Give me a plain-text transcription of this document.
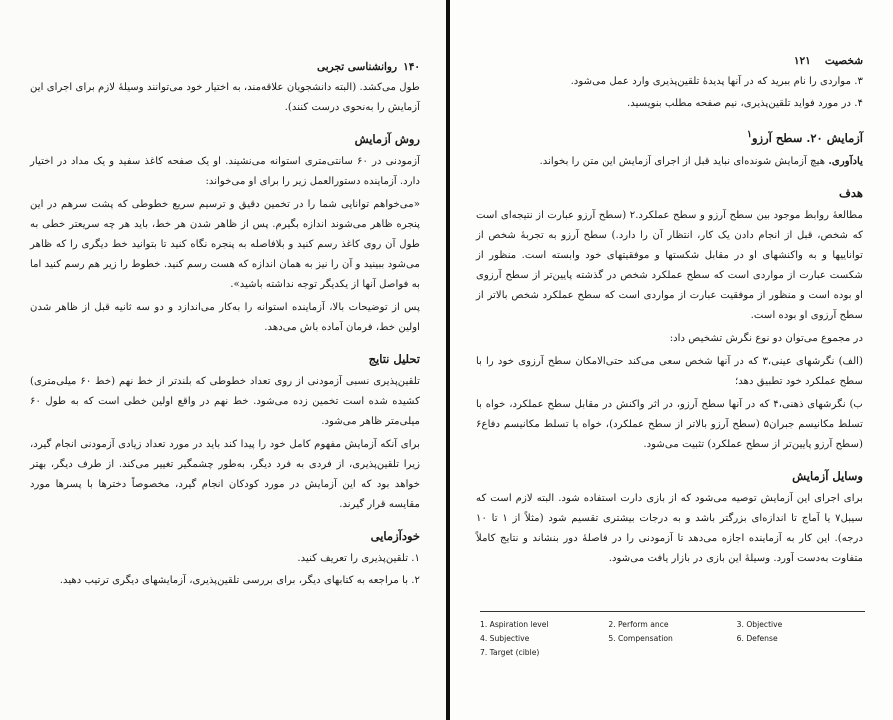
۱۴۰
روانشناسی تجربی

طول می‌کشد. (البته دانشجویان علاقه‌مند، به اختیار خود می‌توانند وسیلهٔ لازم برای اجرای این آزمایش را به‌نحوی درست کنند).

روش آزمایش

آزمودنی در ۶۰ سانتی‌متری استوانه می‌نشیند. او یک صفحه کاغذ سفید و یک مداد در اختیار دارد. آزماینده دستورالعمل زیر را برای او می‌خواند:

«می‌خواهم توانایی شما را در تخمین دقیق و ترسیم سریع خطوطی که پشت سرهم در این پنجره ظاهر می‌شوند اندازه بگیرم. پس از ظاهر شدن هر خط، باید هر چه سریعتر خطی به طول آن روی کاغذ رسم کنید و بلافاصله به پنجره نگاه کنید تا بتوانید خط دیگری را که ظاهر می‌شود ببینید و آن را نیز به همان اندازه که هست رسم کنید. خطوط را زیر هم رسم کنید اما به فواصل آنها از یکدیگر توجه نداشته باشید».

پس از توضیحات بالا، آزماینده استوانه را به‌کار می‌اندازد و دو سه ثانیه قبل از ظاهر شدن اولین خط، فرمان آماده باش می‌دهد.

تحلیل نتایج

تلقین‌پذیری نسبی آزمودنی از روی تعداد خطوطی که بلندتر از خط نهم (خط ۶۰ میلی‌متری) کشیده شده است تخمین زده می‌شود. خط نهم در واقع اولین خطی است که به طول ۶۰ میلی‌متر ظاهر می‌شود.

برای آنکه آزمایش مفهوم کامل خود را پیدا کند باید در مورد تعداد زیادی آزمودنی انجام گیرد، زیرا تلقین‌پذیری، از فردی به فرد دیگر، به‌طور چشمگیر تغییر می‌کند. از طرف دیگر، بهتر خواهد بود که این آزمایش در مورد کودکان انجام گیرد، مخصوصاً دخترها با پسرها مورد مقایسه قرار گیرند.

خودآزمایی

۱. تلقین‌پذیری را تعریف کنید.

۲. با مراجعه به کتابهای دیگر، برای بررسی تلقین‌پذیری، آزمایشهای دیگری ترتیب دهید.

شخصیت
۱۲۱

۳. مواردی را نام ببرید که در آنها پدیدهٔ تلقین‌پذیری وارد عمل می‌شود.

۴. در مورد فواید تلقین‌پذیری، نیم صفحه مطلب بنویسید.

آزمایش ۲۰. سطح آرزو$^۱$

یادآوری. هیچ آزمایش شونده‌ای نباید قبل از اجرای آزمایش این متن را بخواند.

هدف

مطالعهٔ روابط موجود بین سطح آرزو و سطح عملکرد.۲ (سطح آرزو عبارت از نتیجه‌ای است که شخص، قبل از انجام دادن یک کار، انتظار آن را دارد.) سطح آرزو به تجربهٔ شخص از تواناییها و به واکنشهای او در مقابل شکستها و موفقیتهای خود وابسته است. منظور از شکست عبارت از مواردی است که سطح عملکرد شخص در گذشته پایین‌تر از سطح آرزوی او بوده است و منظور از موفقیت عبارت از مواردی است که سطح عملکرد شخص بالاتر از سطح آرزوی او بوده است.

در مجموع می‌توان دو نوع نگرش تشخیص داد:

(الف) نگرشهای عینی،۳ که در آنها شخص سعی می‌کند حتی‌الامکان سطح آرزوی خود را با سطح عملکرد خود تطبیق دهد؛

ب) نگرشهای ذهنی،۴ که در آنها سطح آرزو، در اثر واکنش در مقابل سطح عملکرد، خواه با تسلط مکانیسم جبران۵ (سطح آرزو بالاتر از سطح عملکرد)، خواه با تسلط مکانیسم دفاع۶ (سطح آرزو پایین‌تر از سطح عملکرد) تثبیت می‌شود.

وسایل آزمایش

برای اجرای این آزمایش توصیه می‌شود که از بازی دارت استفاده شود. البته لازم است که سیبل۷ یا آماج تا اندازه‌ای بزرگتر باشد و به درجات بیشتری تقسیم شود (مثلاً از ۱ تا ۱۰ درجه). این کار به آزماینده اجازه می‌دهد تا آزمودنی را در فاصلهٔ دور بنشاند و نتایج کاملاً متفاوت به‌دست آورد. وسیلهٔ این بازی در بازار یافت می‌شود.

1. Aspiration level	2. Perform ance	3. Objective
4. Subjective	5. Compensation	6. Defense
7. Target (cible)
